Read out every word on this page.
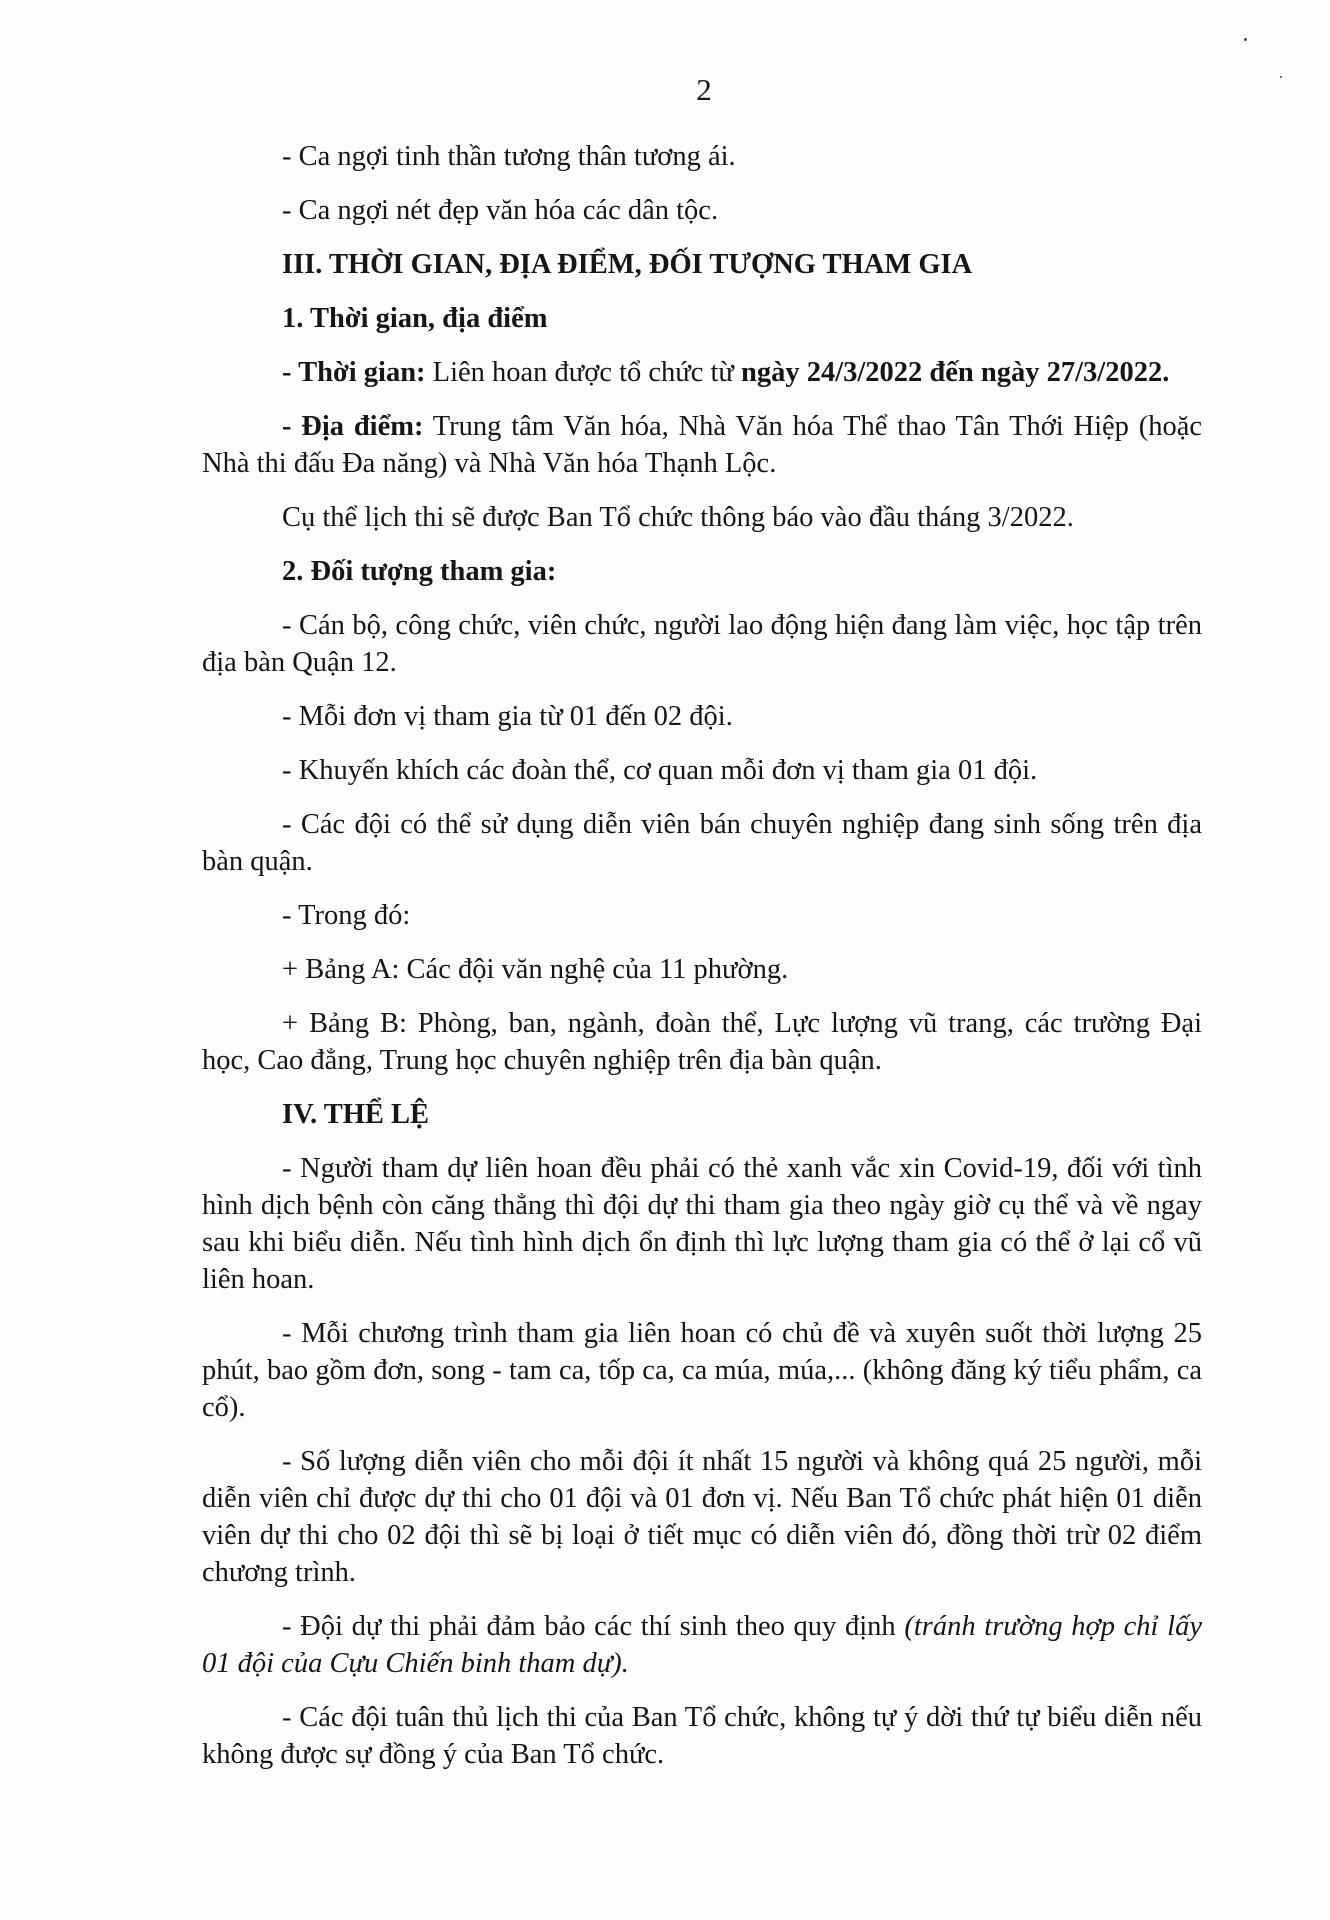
2

- Ca ngợi tinh thần tương thân tương ái.

- Ca ngợi nét đẹp văn hóa các dân tộc.

III. THỜI GIAN, ĐỊA ĐIỂM, ĐỐI TƯỢNG THAM GIA

1. Thời gian, địa điểm

- Thời gian: Liên hoan được tổ chức từ ngày 24/3/2022 đến ngày 27/3/2022.

- Địa điểm: Trung tâm Văn hóa, Nhà Văn hóa Thể thao Tân Thới Hiệp (hoặc Nhà thi đấu Đa năng) và Nhà Văn hóa Thạnh Lộc.

Cụ thể lịch thi sẽ được Ban Tổ chức thông báo vào đầu tháng 3/2022.

2. Đối tượng tham gia:

- Cán bộ, công chức, viên chức, người lao động hiện đang làm việc, học tập trên địa bàn Quận 12.

- Mỗi đơn vị tham gia từ 01 đến 02 đội.

- Khuyến khích các đoàn thể, cơ quan mỗi đơn vị tham gia 01 đội.

- Các đội có thể sử dụng diễn viên bán chuyên nghiệp đang sinh sống trên địa bàn quận.

- Trong đó:

+ Bảng A: Các đội văn nghệ của 11 phường.

+ Bảng B: Phòng, ban, ngành, đoàn thể, Lực lượng vũ trang, các trường Đại học, Cao đẳng, Trung học chuyên nghiệp trên địa bàn quận.

IV. THỂ LỆ

- Người tham dự liên hoan đều phải có thẻ xanh vắc xin Covid-19, đối với tình hình dịch bệnh còn căng thẳng thì đội dự thi tham gia theo ngày giờ cụ thể và về ngay sau khi biểu diễn. Nếu tình hình dịch ổn định thì lực lượng tham gia có thể ở lại cổ vũ liên hoan.

- Mỗi chương trình tham gia liên hoan có chủ đề và xuyên suốt thời lượng 25 phút, bao gồm đơn, song - tam ca, tốp ca, ca múa, múa,... (không đăng ký tiểu phẩm, ca cổ).

- Số lượng diễn viên cho mỗi đội ít nhất 15 người và không quá 25 người, mỗi diễn viên chỉ được dự thi cho 01 đội và 01 đơn vị. Nếu Ban Tổ chức phát hiện 01 diễn viên dự thi cho 02 đội thì sẽ bị loại ở tiết mục có diễn viên đó, đồng thời trừ 02 điểm chương trình.

- Đội dự thi phải đảm bảo các thí sinh theo quy định (tránh trường hợp chỉ lấy 01 đội của Cựu Chiến binh tham dự).

- Các đội tuân thủ lịch thi của Ban Tổ chức, không tự ý dời thứ tự biểu diễn nếu không được sự đồng ý của Ban Tổ chức.
